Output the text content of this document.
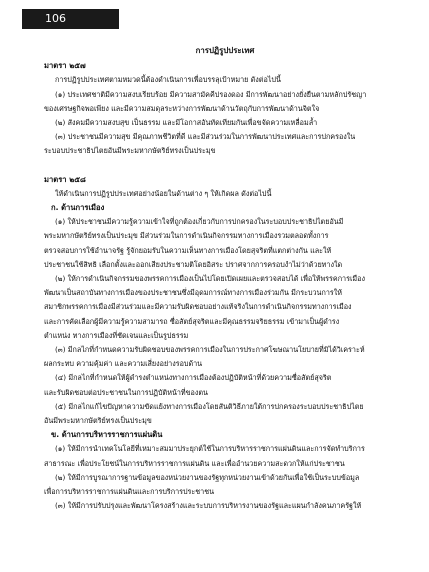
106

การปฏิรูปประเทศ

มาตรา ๒๕๗

การปฏิรูปประเทศตามหมวดนี้ต้องดำเนินการเพื่อบรรลุเป้าหมาย ดังต่อไปนี้

(๑) ประเทศชาติมีความสงบเรียบร้อย มีความสามัคคีปรองดอง มีการพัฒนาอย่างยั่งยืนตามหลักปรัชญา

ของเศรษฐกิจพอเพียง และมีความสมดุลระหว่างการพัฒนาด้านวัตถุกับการพัฒนาด้านจิตใจ

(๒) สังคมมีความสงบสุข เป็นธรรม และมีโอกาสอันทัดเทียมกันเพื่อขจัดความเหลื่อมล้ำ

(๓) ประชาชนมีความสุข มีคุณภาพชีวิตที่ดี และมีส่วนร่วมในการพัฒนาประเทศและการปกครองใน

ระบอบประชาธิปไตยอันมีพระมหากษัตริย์ทรงเป็นประมุข

มาตรา ๒๕๘

ให้ดำเนินการปฏิรูปประเทศอย่างน้อยในด้านต่าง ๆ ให้เกิดผล ดังต่อไปนี้

ก. ด้านการเมือง

(๑) ให้ประชาชนมีความรู้ความเข้าใจที่ถูกต้องเกี่ยวกับการปกครองในระบอบประชาธิปไตยอันมี

พระมหากษัตริย์ทรงเป็นประมุข มีส่วนร่วมในการดำเนินกิจกรรมทางการเมืองรวมตลอดทั้งการ

ตรวจสอบการใช้อำนาจรัฐ รู้จักยอมรับในความเห็นทางการเมืองโดยสุจริตที่แตกต่างกัน และให้

ประชาชนใช้สิทธิ เลือกตั้งและออกเสียงประชามติโดยอิสระ ปราศจากการครอบงำไม่ว่าด้วยทางใด

(๒) ให้การดำเนินกิจกรรมของพรรคการเมืองเป็นไปโดยเปิดเผยและตรวจสอบได้ เพื่อให้พรรคการเมือง

พัฒนาเป็นสถาบันทางการเมืองของประชาชนซึ่งมีอุดมการณ์ทางการเมืองร่วมกัน มีกระบวนการให้

สมาชิกพรรคการเมืองมีส่วนร่วมและมีความรับผิดชอบอย่างแท้จริงในการดำเนินกิจกรรมทางการเมือง

และการคัดเลือกผู้มีความรู้ความสามารถ ซื่อสัตย์สุจริตและมีคุณธรรมจริยธรรม เข้ามาเป็นผู้ดำรง

ตำแหน่ง ทางการเมืองที่ชัดเจนและเป็นรูปธรรม

(๓) มีกลไกที่กำหนดความรับผิดชอบของพรรคการเมืองในการประกาศโฆษณานโยบายที่มิได้วิเคราะห์

ผลกระทบ ความคุ้มค่า และความเสี่ยงอย่างรอบด้าน

(๔) มีกลไกที่กำหนดให้ผู้ดำรงตำแหน่งทางการเมืองต้องปฏิบัติหน้าที่ด้วยความซื่อสัตย์สุจริต

และรับผิดชอบต่อประชาชนในการปฏิบัติหน้าที่ของตน

(๕) มีกลไกแก้ไขปัญหาความขัดแย้งทางการเมืองโดยสันติวิธีภายใต้การปกครองระบอบประชาธิปไตย

อันมีพระมหากษัตริย์ทรงเป็นประมุข

ข. ด้านการบริหารราชการแผ่นดิน

(๑) ให้มีการนำเทคโนโลยีที่เหมาะสมมาประยุกต์ใช้ในการบริหารราชการแผ่นดินและการจัดทำบริการ

สาธารณะ เพื่อประโยชน์ในการบริหารราชการแผ่นดิน และเพื่ออำนวยความสะดวกให้แก่ประชาชน

(๒) ให้มีการบูรณาการฐานข้อมูลของหน่วยงานของรัฐทุกหน่วยงานเข้าด้วยกันเพื่อใช้เป็นระบบข้อมูล

เพื่อการบริหารราชการแผ่นดินและการบริการประชาชน

(๓) ให้มีการปรับปรุงและพัฒนาโครงสร้างและระบบการบริหารงานของรัฐและแผนกำลังคนภาครัฐให้
